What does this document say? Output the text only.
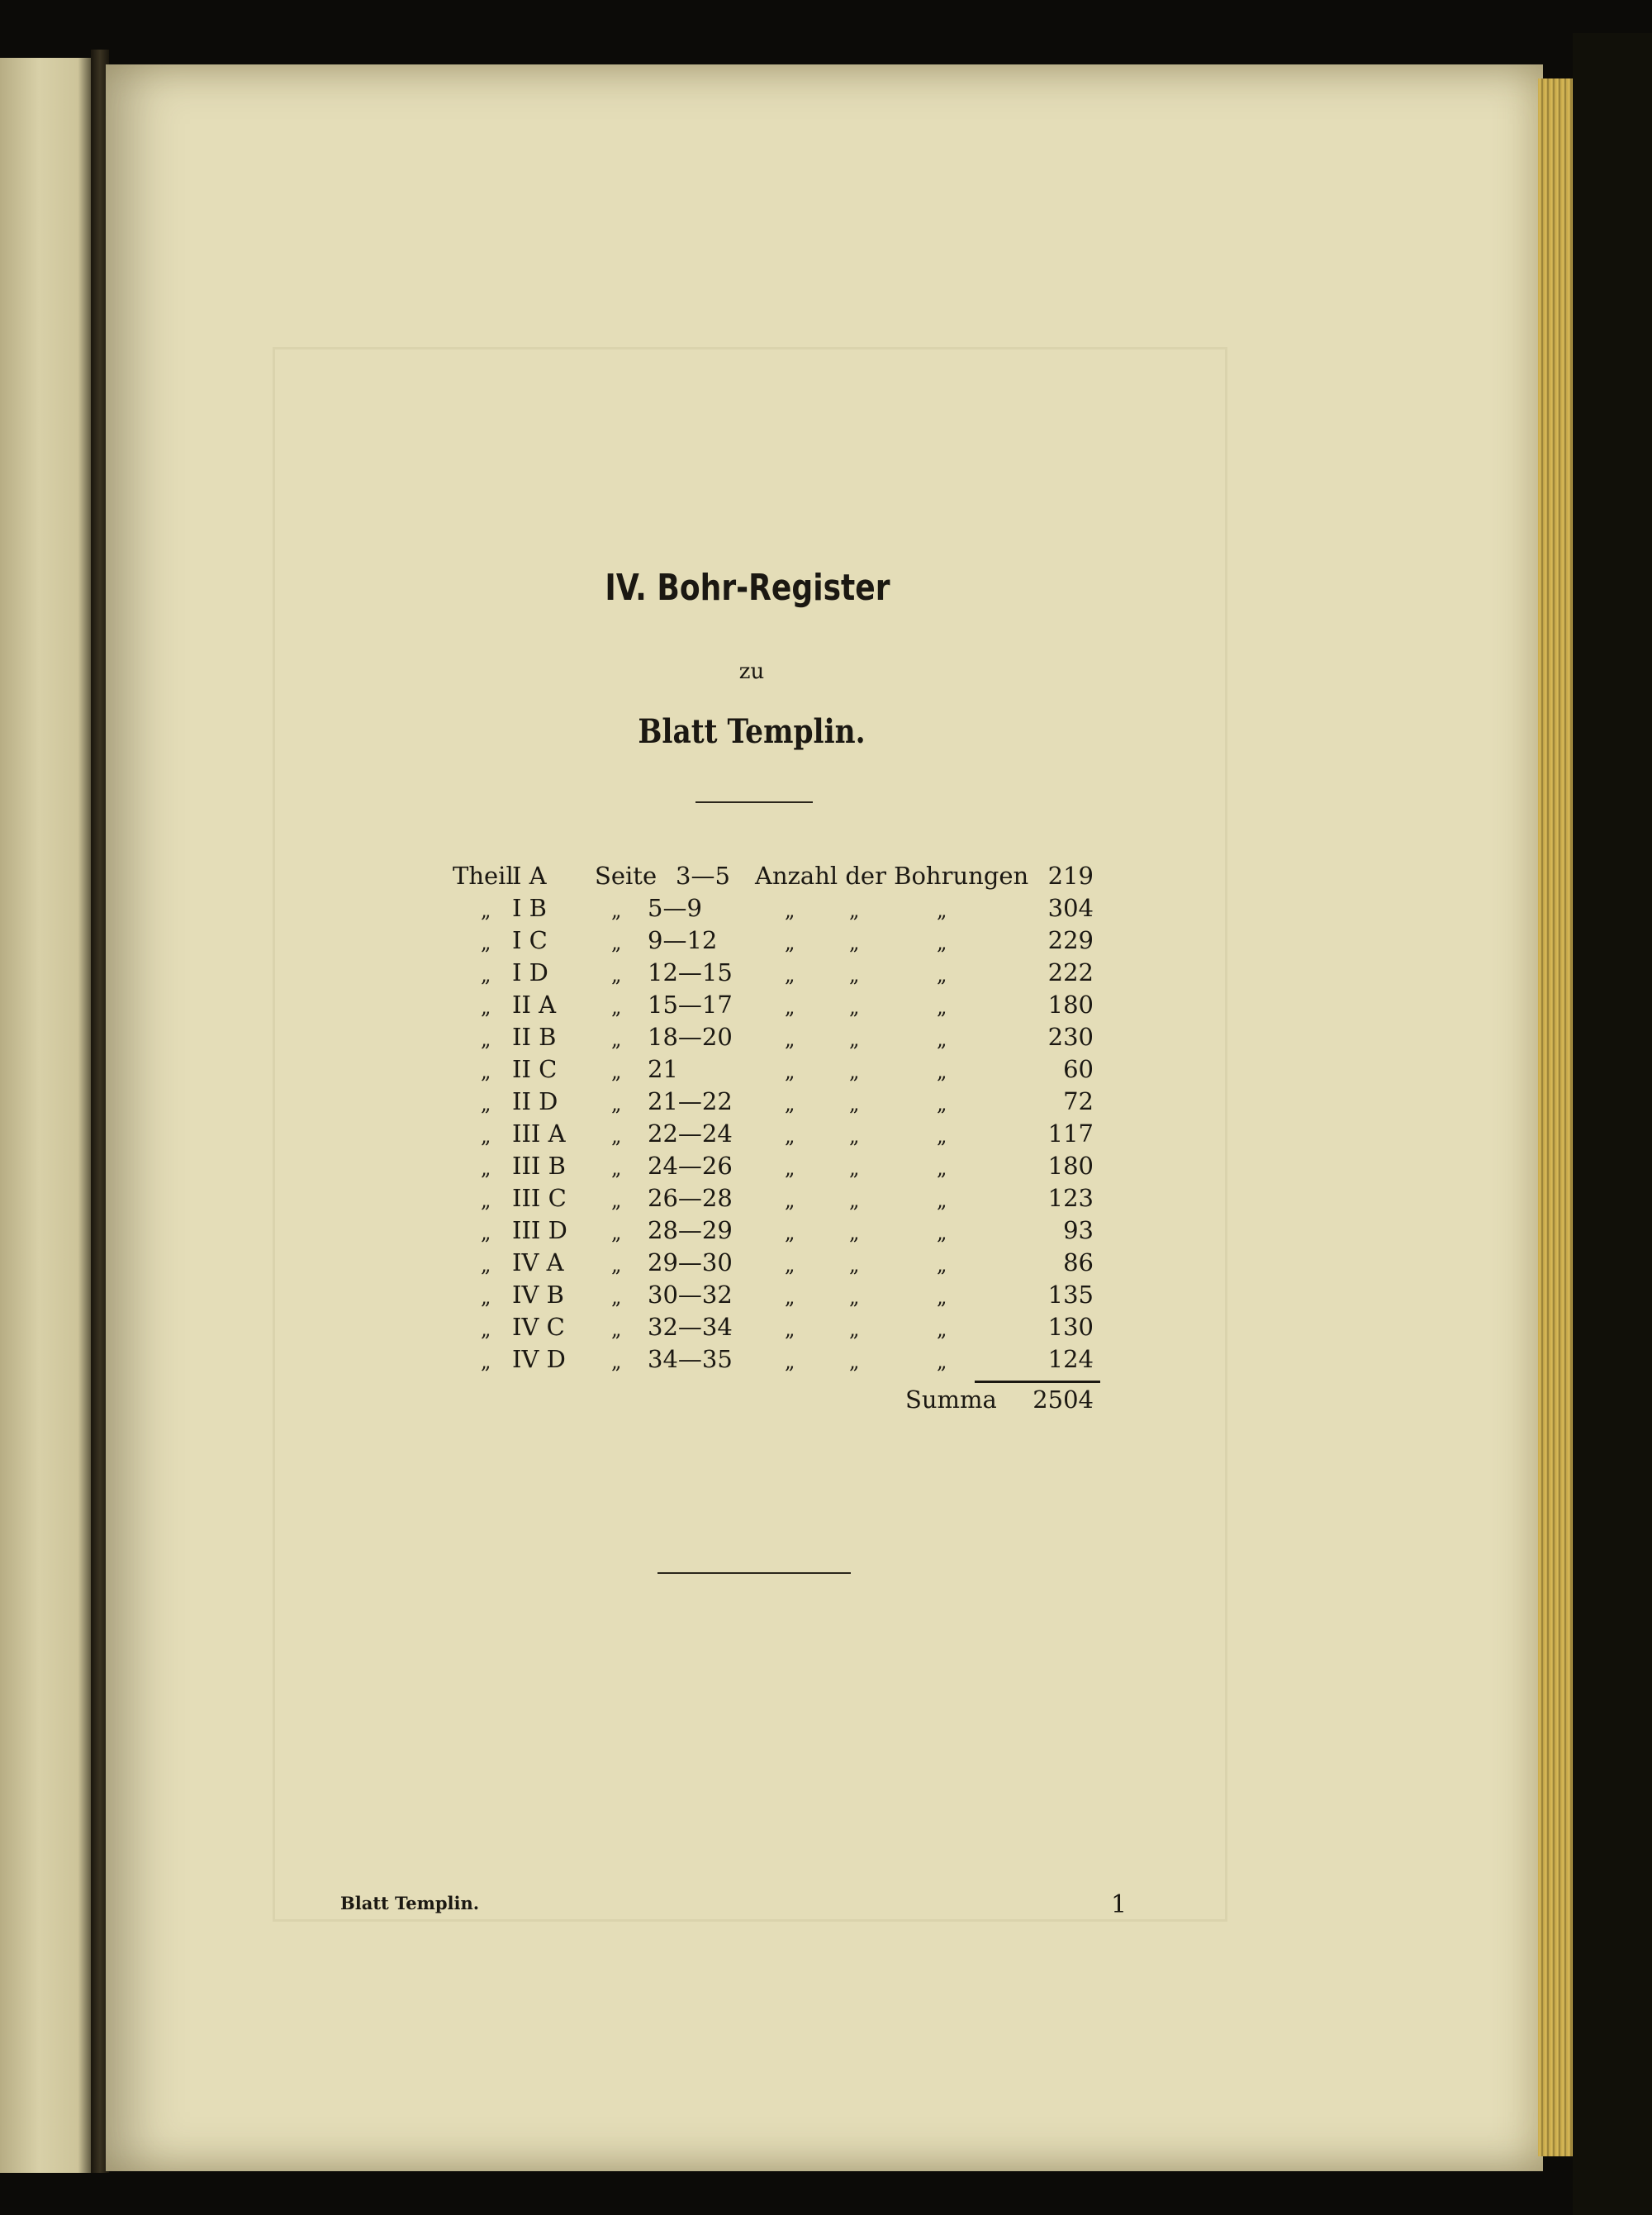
IV. Bohr-Register
zu
Blatt Templin.
Theil
I A	Seite 3—5	Anzahl der Bohrungen 219
„ I B	„ 5—9	„	„	„	304
„ I C	„ 9—12	„	„	„	229
„ I D	„ 12—15	„	„	„	222
„ II A	„ 15—17	„	„	„	180
„ II B	„ 18—20	„	„	„	230
„ II C	„ 21	„	„	„	60
„ II D	„ 21—22	„	„	„	72
„ III A	„ 22—24	„	„	„	117
„ III B	„ 24—26	„	„	„	180
„ III C	„ 26—28	„	„	„	123
„ III D	„ 28—29	„	„	„	93
„ IV A	„ 29—30	„	„	„	86
„ IV B	„ 30—32	„	„	„	135
„ IV C	„ 32—34	„	„	„	130
„ IV D	„ 34—35	„	„	„	124
Summa	2504
Blatt Templin.	1
